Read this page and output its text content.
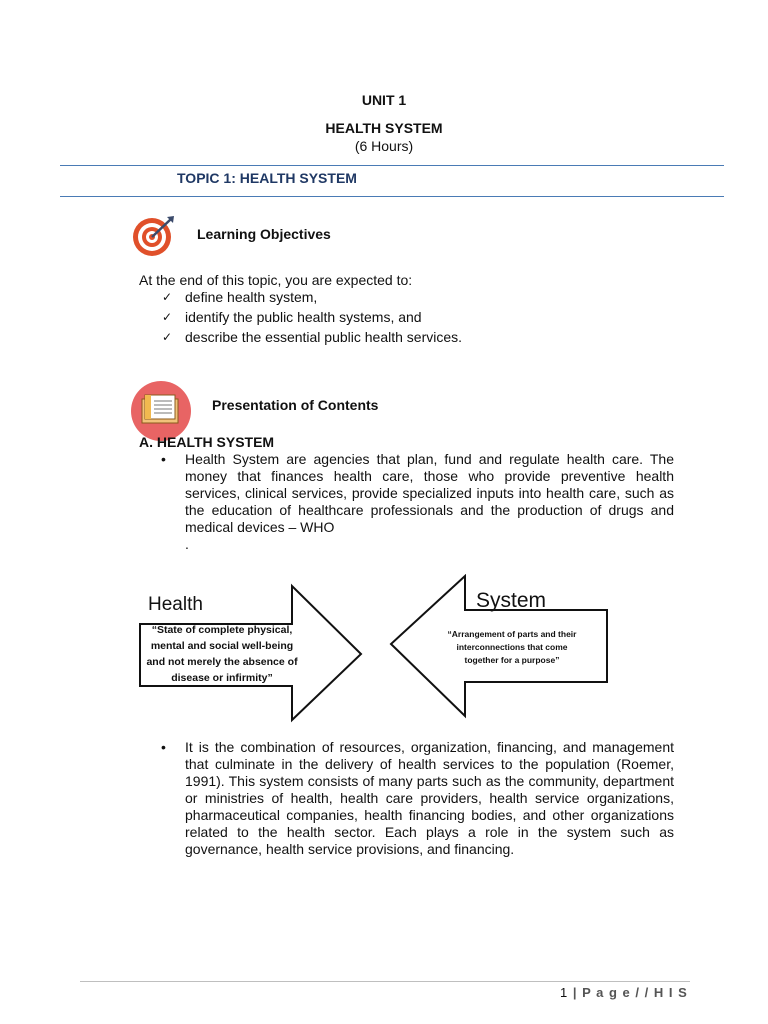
UNIT 1
HEALTH SYSTEM
(6 Hours)
TOPIC 1: HEALTH SYSTEM
Learning Objectives
At the end of this topic, you are expected to:
✓ define health system,
✓ identify the public health systems, and
✓ describe the essential public health services.
Presentation of Contents
A. HEALTH SYSTEM
•	Health System are agencies that plan, fund and regulate health care. The money that finances health care, those who provide preventive health services, clinical services, provide specialized inputs into health care, such as the education of healthcare professionals and the production of drugs and medical devices – WHO
.
Health
“State of complete physical,
mental and social well-being
and not merely the absence of
disease or infirmity”
System
“Arrangement of parts and their
interconnections that come
together for a purpose”
•	It is the combination of resources, organization, financing, and management that culminate in the delivery of health services to the population (Roemer, 1991). This system consists of many parts such as the community, department or ministries of health, health care providers, health service organizations, pharmaceutical companies, health financing bodies, and other organizations related to the health sector. Each plays a role in the system such as governance, health service provisions, and financing.
1 | P a g e / / H I S
